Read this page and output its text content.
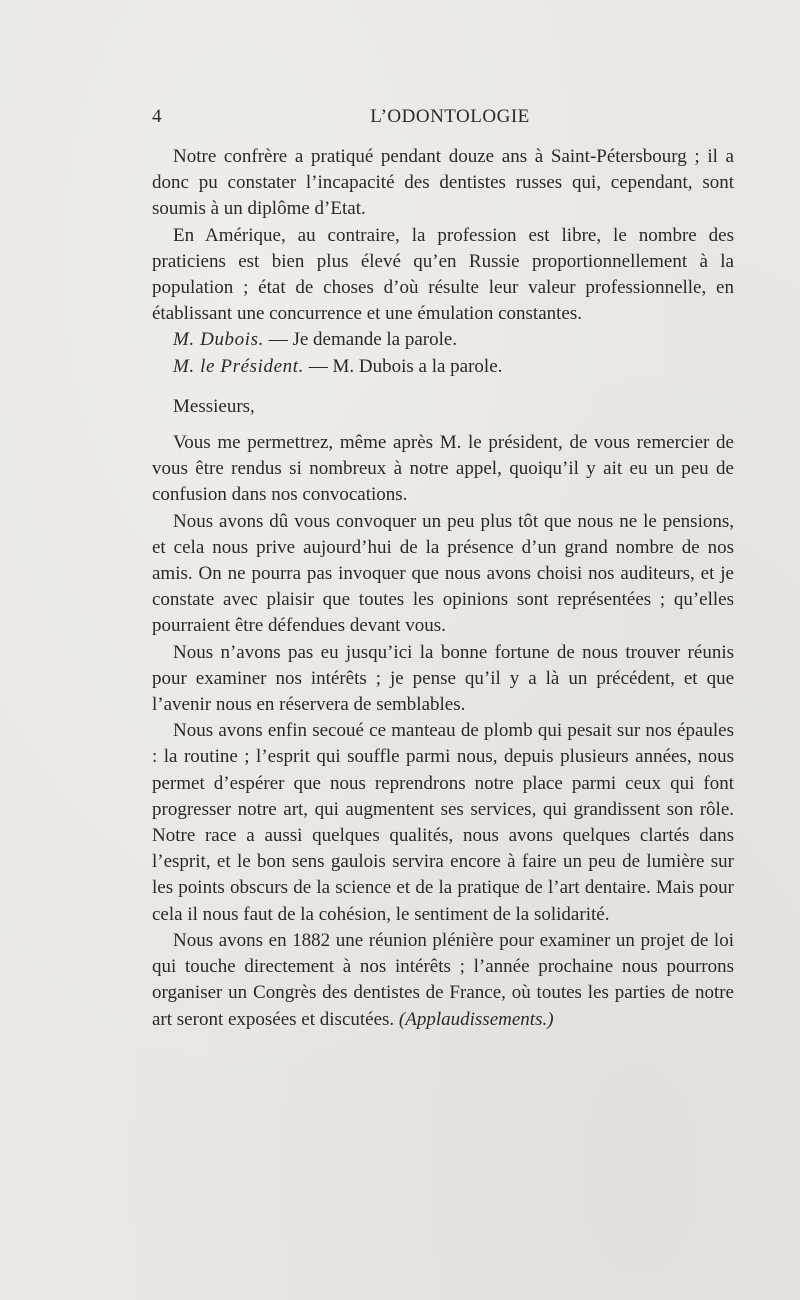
4	L’ODONTOLOGIE

Notre confrère a pratiqué pendant douze ans à Saint-Pétersbourg ; il a donc pu constater l’incapacité des dentistes russes qui, cependant, sont soumis à un diplôme d’Etat.

En Amérique, au contraire, la profession est libre, le nombre des praticiens est bien plus élevé qu’en Russie proportionnellement à la population ; état de choses d’où résulte leur valeur professionnelle, en établissant une concurrence et une émulation constantes.

M. Dubois. — Je demande la parole.

M. le Président. — M. Dubois a la parole.

Messieurs,

Vous me permettrez, même après M. le président, de vous remercier de vous être rendus si nombreux à notre appel, quoiqu’il y ait eu un peu de confusion dans nos convocations.

Nous avons dû vous convoquer un peu plus tôt que nous ne le pensions, et cela nous prive aujourd’hui de la présence d’un grand nombre de nos amis. On ne pourra pas invoquer que nous avons choisi nos auditeurs, et je constate avec plaisir que toutes les opinions sont représentées ; qu’elles pourraient être défendues devant vous.

Nous n’avons pas eu jusqu’ici la bonne fortune de nous trouver réunis pour examiner nos intérêts ; je pense qu’il y a là un précédent, et que l’avenir nous en réservera de semblables.

Nous avons enfin secoué ce manteau de plomb qui pesait sur nos épaules : la routine ; l’esprit qui souffle parmi nous, depuis plusieurs années, nous permet d’espérer que nous reprendrons notre place parmi ceux qui font progresser notre art, qui augmentent ses services, qui grandissent son rôle. Notre race a aussi quelques qualités, nous avons quelques clartés dans l’esprit, et le bon sens gaulois servira encore à faire un peu de lumière sur les points obscurs de la science et de la pratique de l’art dentaire. Mais pour cela il nous faut de la cohésion, le sentiment de la solidarité.

Nous avons en 1882 une réunion plénière pour examiner un projet de loi qui touche directement à nos intérêts ; l’année prochaine nous pourrons organiser un Congrès des dentistes de France, où toutes les parties de notre art seront exposées et discutées. (Applaudissements.)
